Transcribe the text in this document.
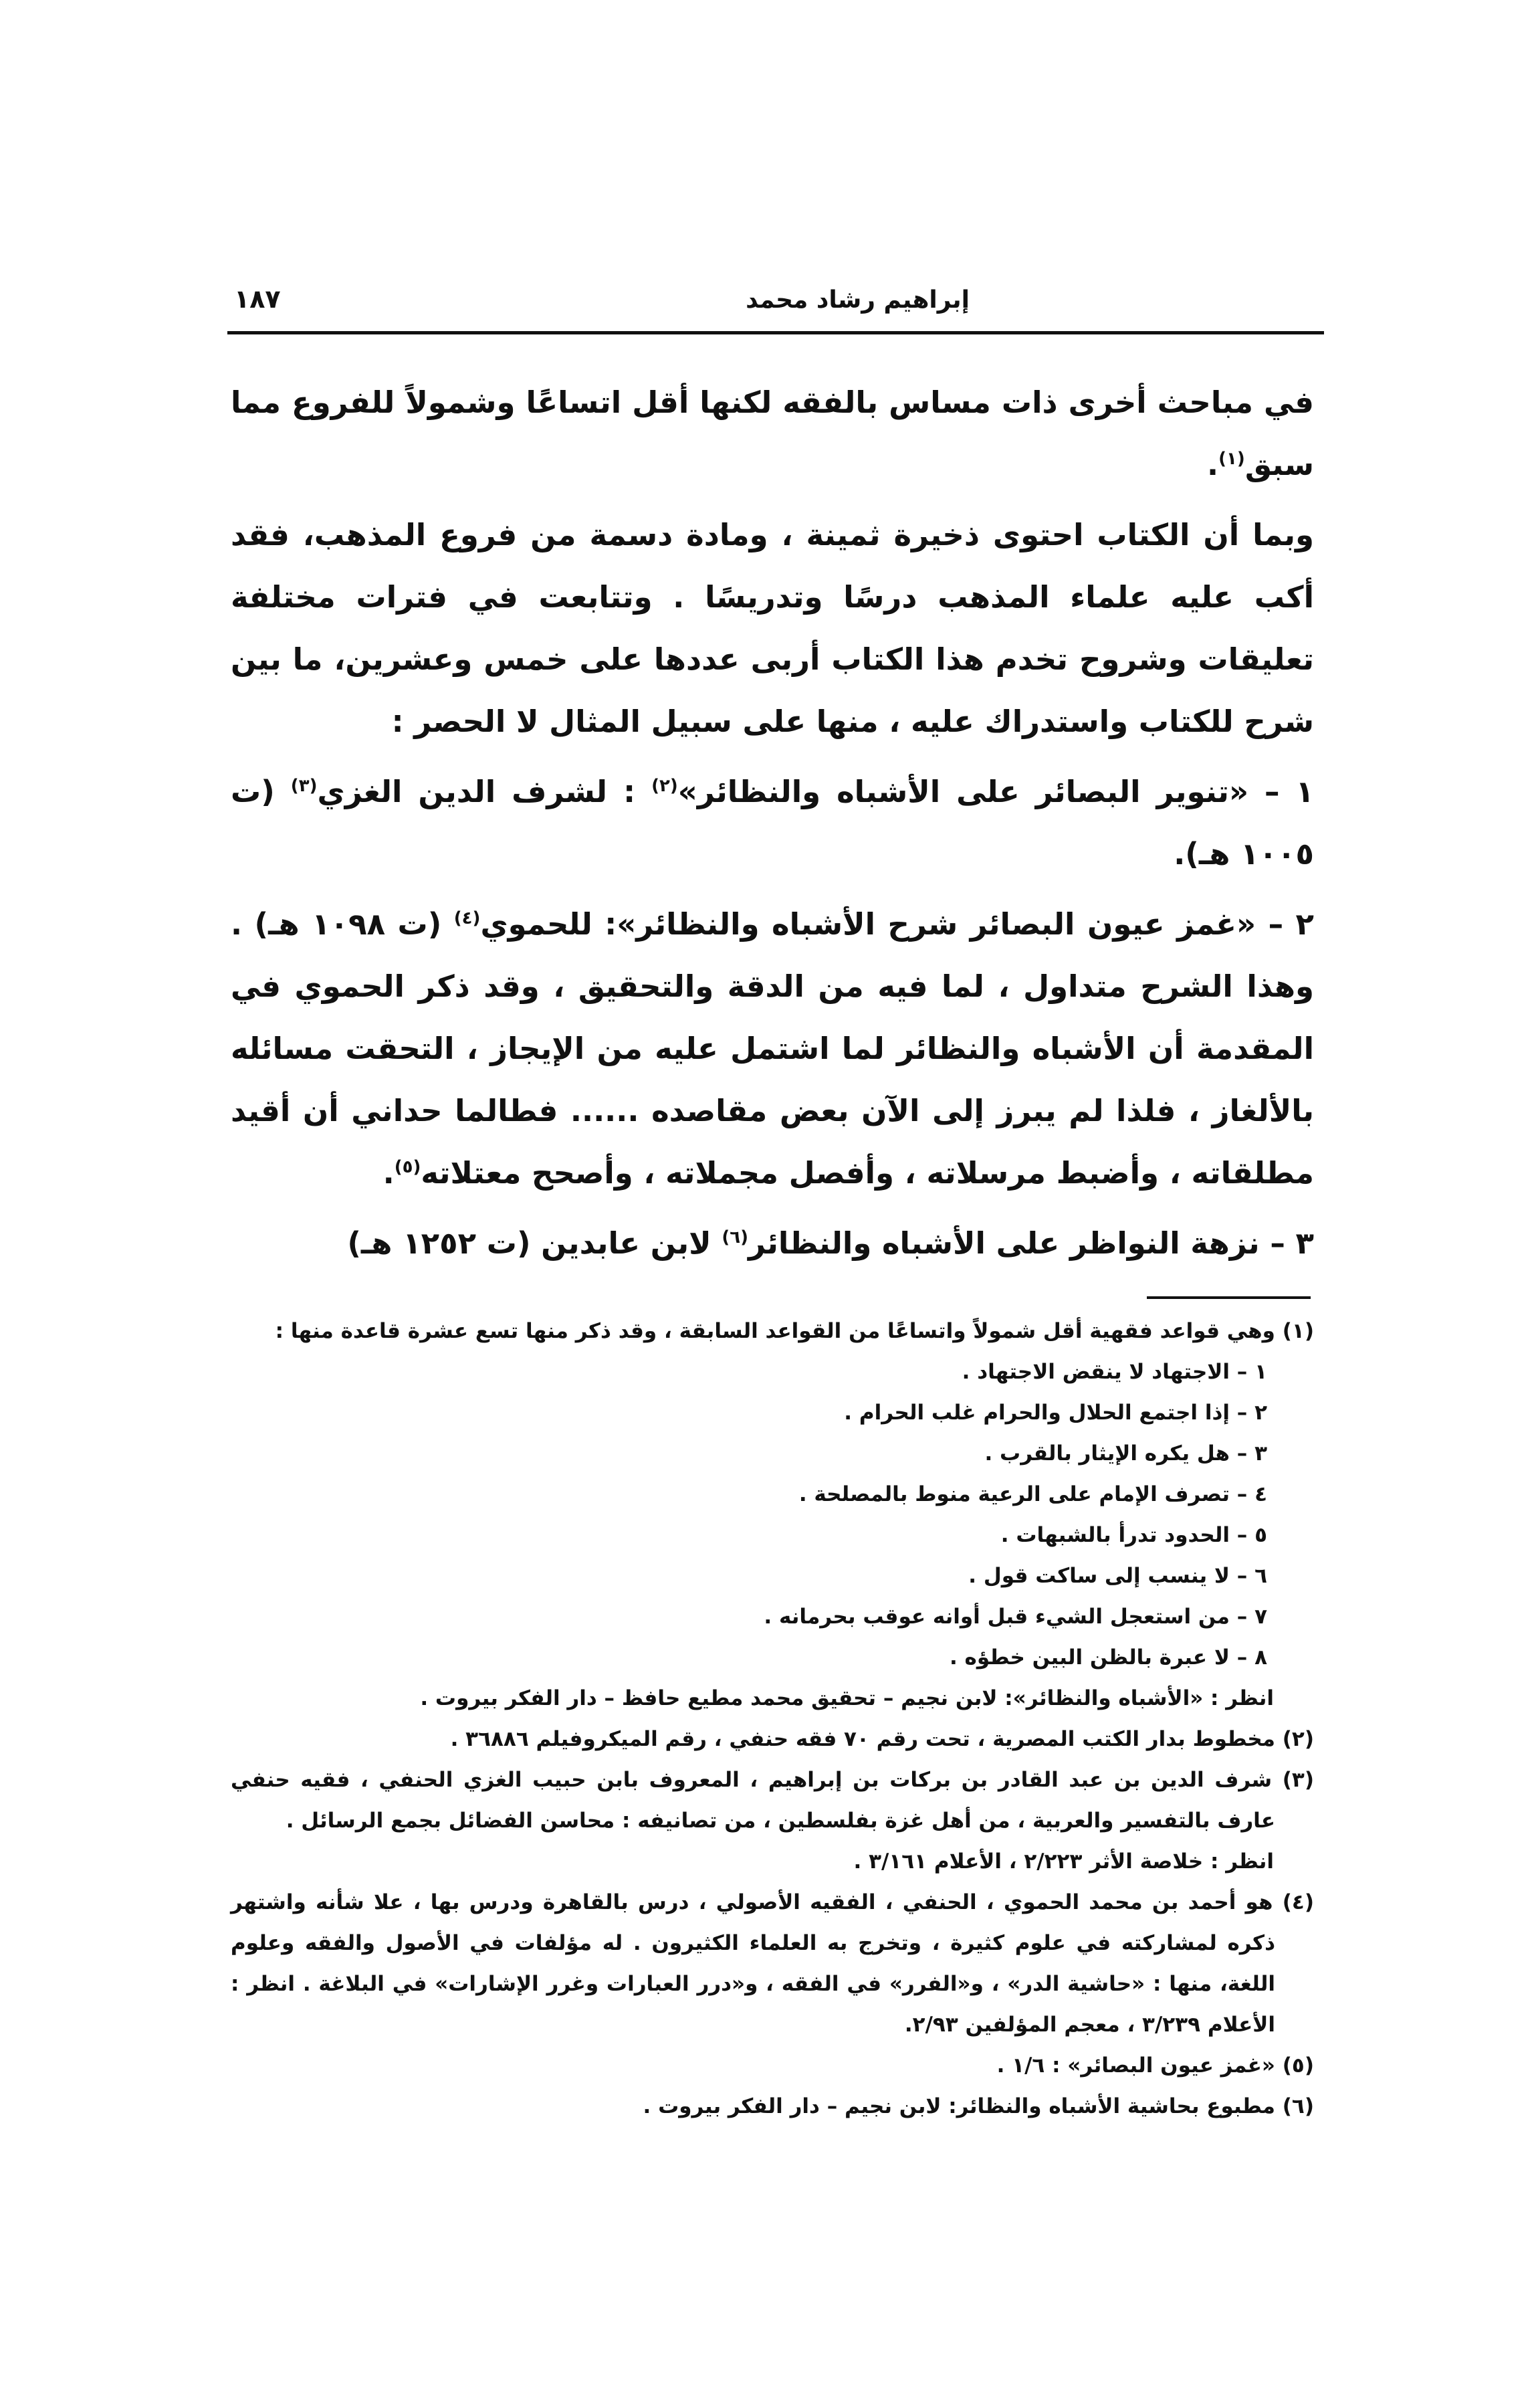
إبراهيم رشاد محمد
١٨٧

في مباحث أخرى ذات مساس بالفقه لكنها أقل اتساعًا وشمولاً للفروع مما سبق$^{(١)}$.

وبما أن الكتاب احتوى ذخيرة ثمينة ، ومادة دسمة من فروع المذهب، فقد أكب عليه علماء المذهب درسًا وتدريسًا . وتتابعت في فترات مختلفة تعليقات وشروح تخدم هذا الكتاب أربى عددها على خمس وعشرين، ما بين شرح للكتاب واستدراك عليه ، منها على سبيل المثال لا الحصر :

١ – «تنوير البصائر على الأشباه والنظائر»$^{(٢)}$ : لشرف الدين الغزي$^{(٣)}$ (ت ١٠٠٥ هـ).

٢ – «غمز عيون البصائر شرح الأشباه والنظائر»: للحموي$^{(٤)}$ (ت ١٠٩٨ هـ) . وهذا الشرح متداول ، لما فيه من الدقة والتحقيق ، وقد ذكر الحموي في المقدمة أن الأشباه والنظائر لما اشتمل عليه من الإيجاز ، التحقت مسائله بالألغاز ، فلذا لم يبرز إلى الآن بعض مقاصده ...... فطالما حداني أن أقيد مطلقاته ، وأضبط مرسلاته ، وأفصل مجملاته ، وأصحح معتلاته$^{(٥)}$.

٣ – نزهة النواظر على الأشباه والنظائر$^{(٦)}$ لابن عابدين (ت ١٢٥٢ هـ)

(١) وهي قواعد فقهية أقل شمولاً واتساعًا من القواعد السابقة ، وقد ذكر منها تسع عشرة قاعدة منها :

١ – الاجتهاد لا ينقض الاجتهاد .

٢ – إذا اجتمع الحلال والحرام غلب الحرام .

٣ – هل يكره الإيثار بالقرب .

٤ – تصرف الإمام على الرعية منوط بالمصلحة .

٥ – الحدود تدرأ بالشبهات .

٦ – لا ينسب إلى ساكت قول .

٧ – من استعجل الشيء قبل أوانه عوقب بحرمانه .

٨ – لا عبرة بالظن البين خطؤه .

انظر : «الأشباه والنظائر»: لابن نجيم – تحقيق محمد مطيع حافظ – دار الفكر بيروت .

(٢) مخطوط بدار الكتب المصرية ، تحت رقم ٧٠ فقه حنفي ، رقم الميكروفيلم ٣٦٨٨٦ .

(٣) شرف الدين بن عبد القادر بن بركات بن إبراهيم ، المعروف بابن حبيب الغزي الحنفي ، فقيه حنفي عارف بالتفسير والعربية ، من أهل غزة بفلسطين ، من تصانيفه : محاسن الفضائل بجمع الرسائل .

انظر : خلاصة الأثر ٢/٢٢٣ ، الأعلام ٣/١٦١ .

(٤) هو أحمد بن محمد الحموي ، الحنفي ، الفقيه الأصولي ، درس بالقاهرة ودرس بها ، علا شأنه واشتهر ذكره لمشاركته في علوم كثيرة ، وتخرج به العلماء الكثيرون . له مؤلفات في الأصول والفقه وعلوم اللغة، منها : «حاشية الدر» ، و«الفرر» في الفقه ، و«درر العبارات وغرر الإشارات» في البلاغة . انظر : الأعلام ٣/٢٣٩ ، معجم المؤلفين ٢/٩٣.

(٥) «غمز عيون البصائر» : ١/٦ .

(٦) مطبوع بحاشية الأشباه والنظائر: لابن نجيم – دار الفكر بيروت .
